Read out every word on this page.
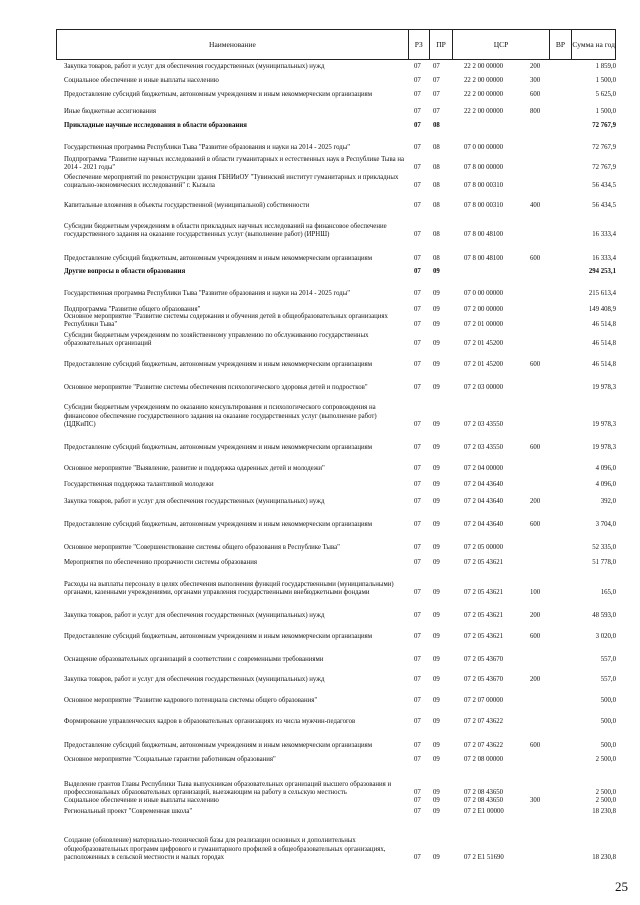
Наименование	РЗ	ПР	ЦСР	ВР Сумма на год
Закупка товаров, работ и услуг для обеспечения государственных (муниципальных) нужд	07 07	22 2 00 00000	200	1 859,0
Социальное обеспечение и иные выплаты населению	07 07	22 2 00 00000	300	1 500,0
Предоставление субсидий бюджетным, автономным учреждениям и иным некоммерческим организациям	07 07	22 2 00 00000	600	5 625,0
Иные бюджетные ассигнования	07 07	22 2 00 00000	800	1 500,0
Прикладные научные исследования в области образования	07 08	72 767,9
Государственная программа Республики Тыва "Развитие образования и науки на 2014 - 2025 годы"	07 08	07 0 00 00000	72 767,9
Подпрограмма "Развитие научных исследований в области гуманитарных и естественных наук в Республике Тыва на 2014 - 2021 годы"	07 08	07 8 00 00000	72 767,9
Обеспечение мероприятий по реконструкции здания ГБНИиОУ "Тувинский институт гуманитарных и прикладных социально-экономических исследований" г. Кызыла	07 08	07 8 00 00310	56 434,5
Капитальные вложения в объекты государственной (муниципальной) собственности	07 08	07 8 00 00310	400	56 434,5
Субсидии бюджетным учреждениям в области прикладных научных исследований на финансовое обеспечение государственного задания на оказание государственных услуг (выполнение работ) (ИРНШ)	07 08	07 8 00 48100	16 333,4
Предоставление субсидий бюджетным, автономным учреждениям и иным некоммерческим организациям	07 08	07 8 00 48100	600	16 333,4
Другие вопросы в области образования	07 09	294 253,1
Государственная программа Республики Тыва "Развитие образования и науки на 2014 - 2025 годы"	07 09	07 0 00 00000	215 613,4
Подпрограмма "Развитие общего образования"	07 09	07 2 00 00000	149 408,9
Основное мероприятие "Развитие системы содержания и обучения детей в общеобразовательных организациях Республики Тыва"	07 09	07 2 01 00000	46 514,8
Субсидии бюджетным учреждениям по хозяйственному управлению по обслуживанию государственных образовательных организаций	07 09	07 2 01 45200	46 514,8
Предоставление субсидий бюджетным, автономным учреждениям и иным некоммерческим организациям	07 09	07 2 01 45200	600	46 514,8
Основное мероприятие "Развитие системы обеспечения психологического здоровья детей и подростков"	07 09	07 2 03 00000	19 978,3
Субсидии бюджетным учреждениям по оказанию консультирования и психологического сопровождения на финансовое обеспечение государственного задания на оказание государственных услуг (выполнение работ) (ЦДКиПС)	07 09	07 2 03 43550	19 978,3
Предоставление субсидий бюджетным, автономным учреждениям и иным некоммерческим организациям	07 09	07 2 03 43550	600	19 978,3
Основное мероприятие "Выявление, развитие и поддержка одаренных детей и молодежи"	07 09	07 2 04 00000	4 096,0
Государственная поддержка талантливой молодежи	07 09	07 2 04 43640	4 096,0
Закупка товаров, работ и услуг для обеспечения государственных (муниципальных) нужд	07 09	07 2 04 43640	200	392,0
Предоставление субсидий бюджетным, автономным учреждениям и иным некоммерческим организациям	07 09	07 2 04 43640	600	3 704,0
Основное мероприятие "Совершенствование системы общего образования в Республике Тыва"	07 09	07 2 05 00000	52 335,0
Мероприятия по обеспечению прозрачности системы образования	07 09	07 2 05 43621	51 778,0
Расходы на выплаты персоналу в целях обеспечения выполнения функций государственными (муниципальными) органами, казенными учреждениями, органами управления государственными внебюджетными фондами	07 09	07 2 05 43621	100	165,0
Закупка товаров, работ и услуг для обеспечения государственных (муниципальных) нужд	07 09	07 2 05 43621	200	48 593,0
Предоставление субсидий бюджетным, автономным учреждениям и иным некоммерческим организациям	07 09	07 2 05 43621	600	3 020,0
Оснащение образовательных организаций в соответствии с современными требованиями	07 09	07 2 05 43670	557,0
Закупка товаров, работ и услуг для обеспечения государственных (муниципальных) нужд	07 09	07 2 05 43670	200	557,0
Основное мероприятие "Развитие кадрового потенциала системы общего образования"	07 09	07 2 07 00000	500,0
Формирование управленческих кадров в образовательных организациях из числа мужчин-педагогов	07 09	07 2 07 43622	500,0
Предоставление субсидий бюджетным, автономным учреждениям и иным некоммерческим организациям	07 09	07 2 07 43622	600	500,0
Основное мероприятие "Социальные гарантии работникам образования"	07 09	07 2 08 00000	2 500,0
Выделение грантов Главы Республики Тыва выпускникам образовательных организаций высшего образования и профессиональных образовательных организаций, выезжающим на работу в сельскую местность	07 09	07 2 08 43650	2 500,0
Социальное обеспечение и иные выплаты населению	07 09	07 2 08 43650	300	2 500,0
Региональный проект "Современная школа"	07 09	07 2 E1 00000	18 230,8
Создание (обновление) материально-технической базы для реализации основных и дополнительных общеобразовательных программ цифрового и гуманитарного профилей в общеобразовательных организациях, расположенных в сельской местности и малых городах	07 09	07 2 E1 51690	18 230,8
25
